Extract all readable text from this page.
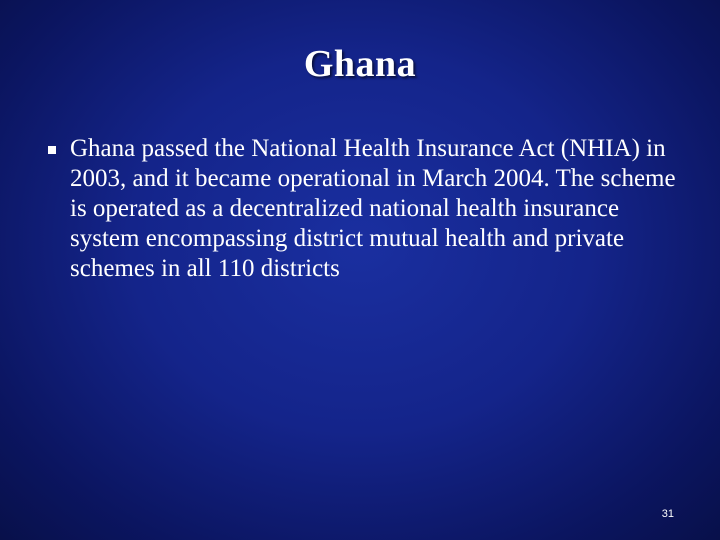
Ghana

Ghana passed the National Health Insurance Act (NHIA) in 2003, and it became operational in March 2004. The scheme is operated as a decentralized national health insurance system encompassing district mutual health and private schemes in all 110 districts

31
